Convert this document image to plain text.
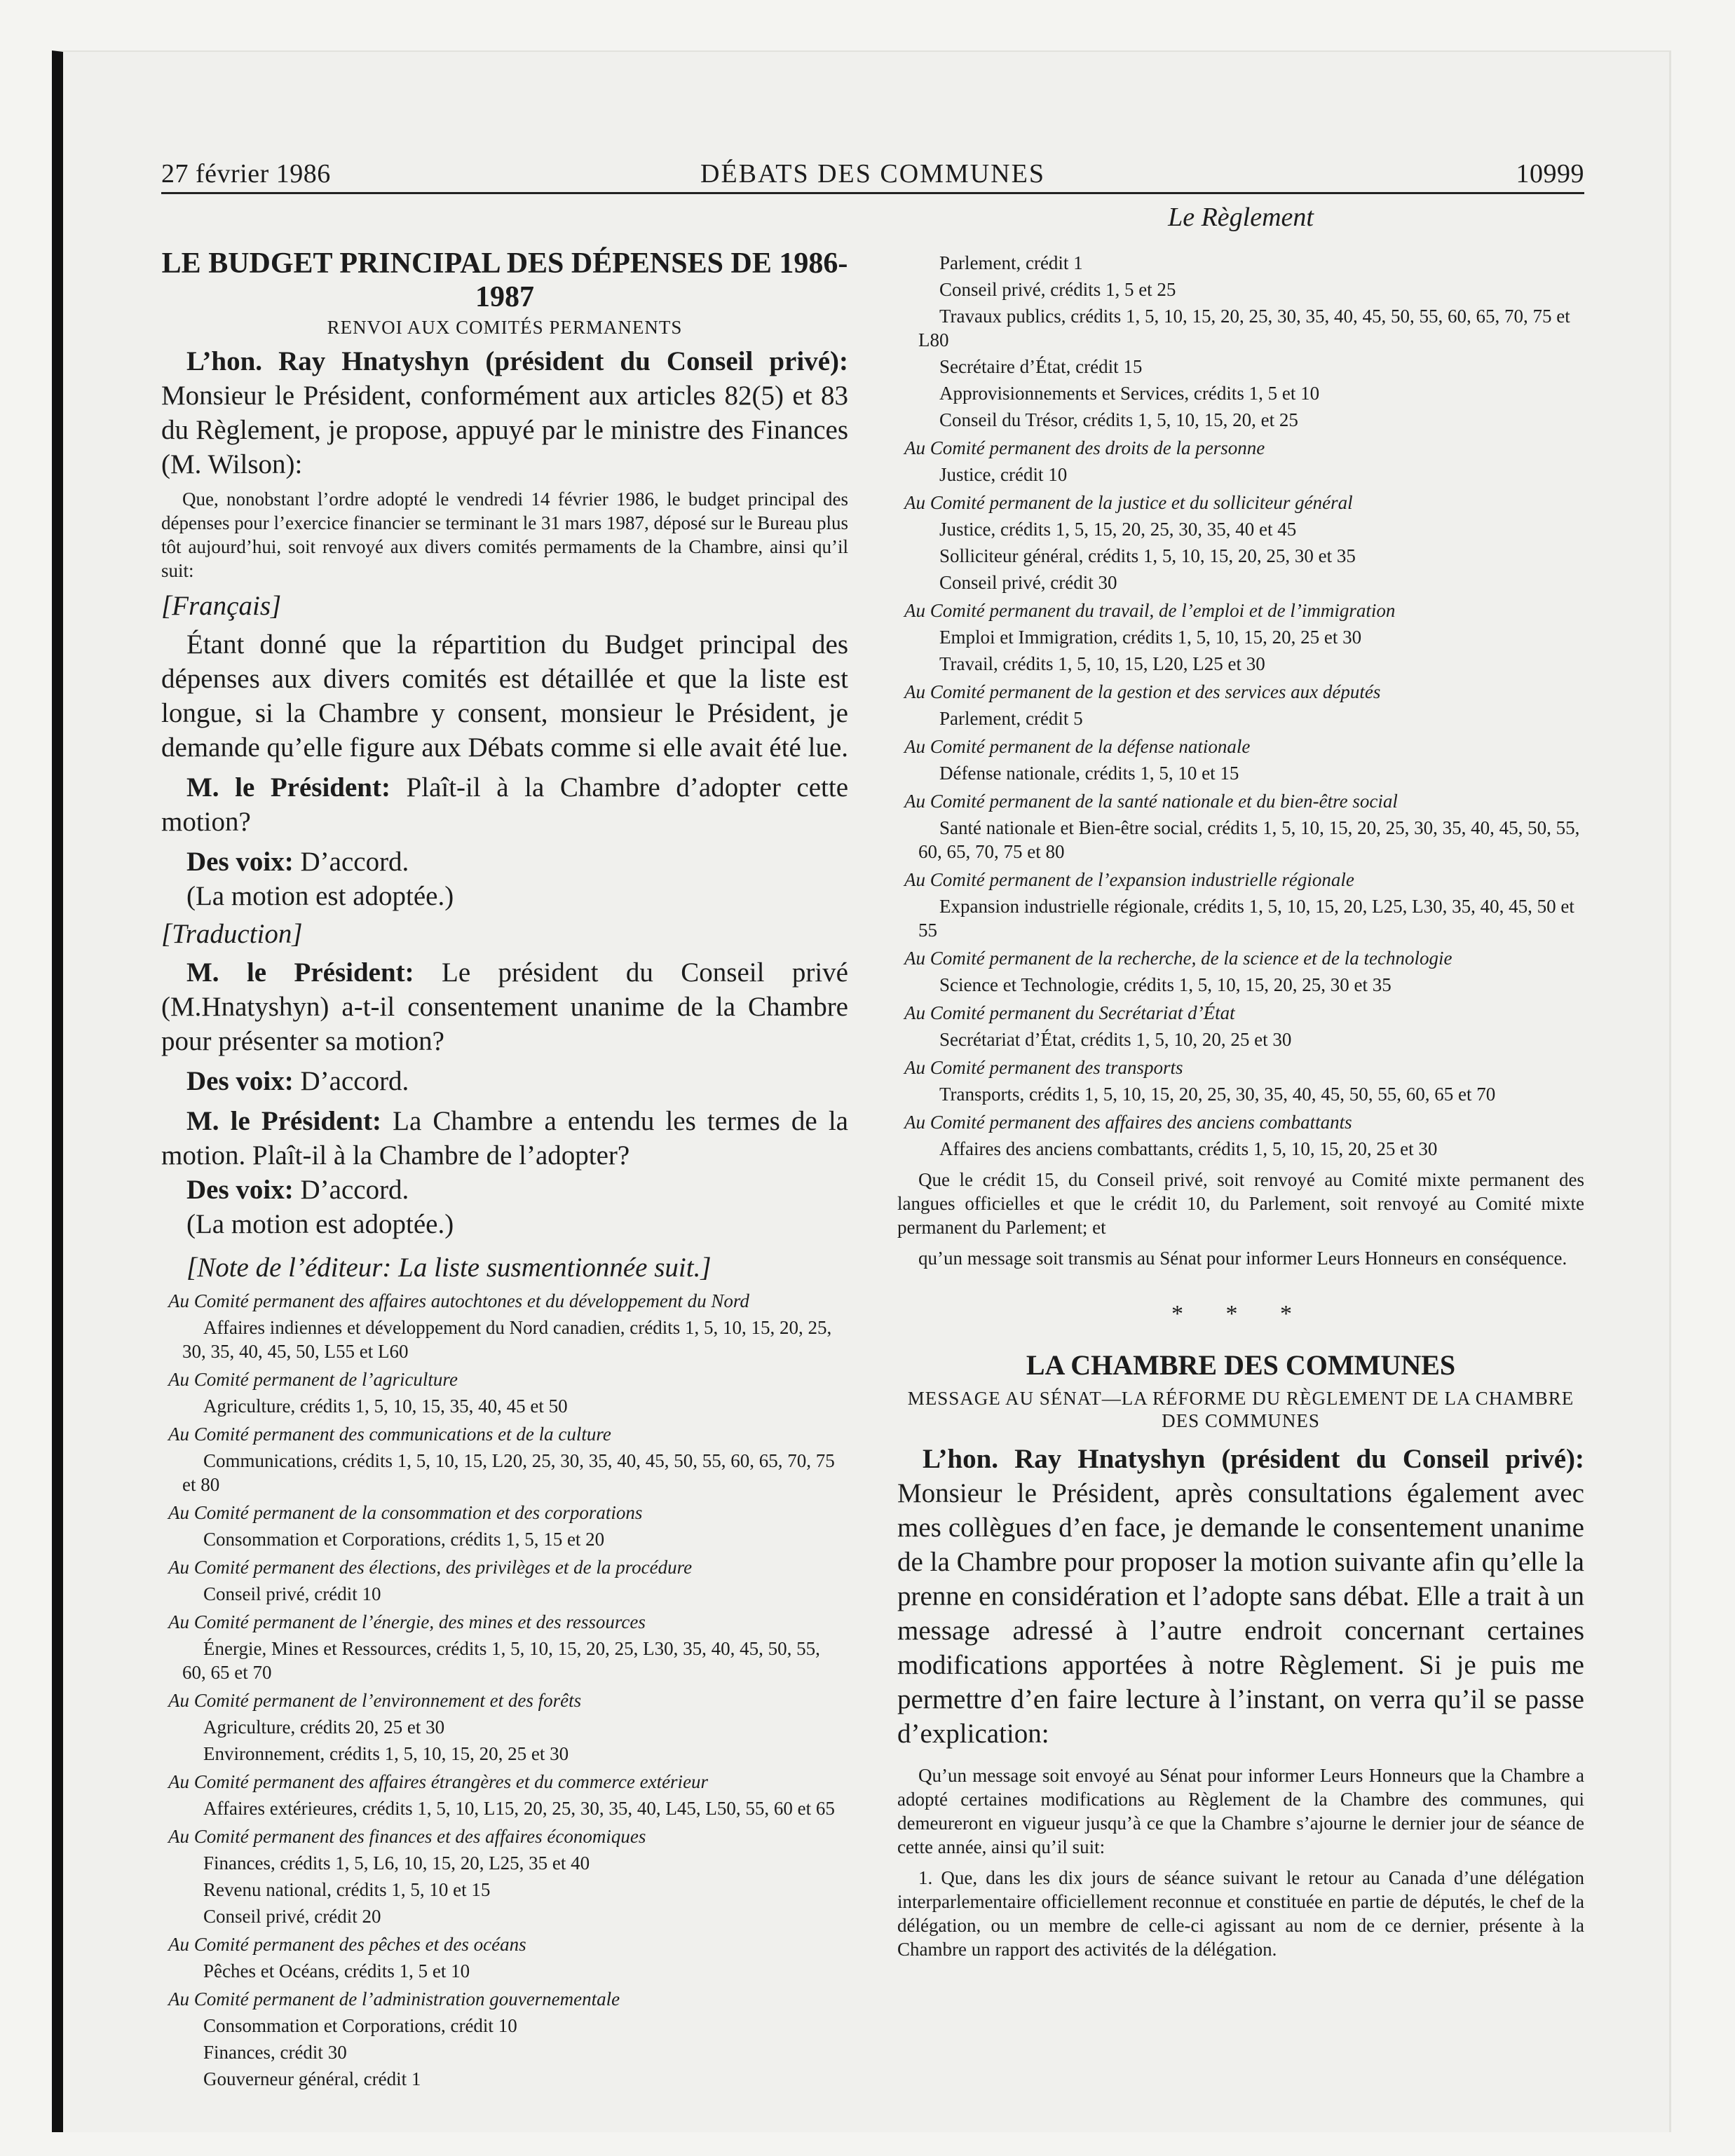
27 février 1986	DÉBATS DES COMMUNES	10999

LE BUDGET PRINCIPAL DES DÉPENSES DE 1986-1987

RENVOI AUX COMITÉS PERMANENTS

L’hon. Ray Hnatyshyn (président du Conseil privé): Monsieur le Président, conformément aux articles 82(5) et 83 du Règlement, je propose, appuyé par le ministre des Finances (M. Wilson):

Que, nonobstant l’ordre adopté le vendredi 14 février 1986, le budget principal des dépenses pour l’exercice financier se terminant le 31 mars 1987, déposé sur le Bureau plus tôt aujourd’hui, soit renvoyé aux divers comités permaments de la Chambre, ainsi qu’il suit:

[Français]

Étant donné que la répartition du Budget principal des dépenses aux divers comités est détaillée et que la liste est longue, si la Chambre y consent, monsieur le Président, je demande qu’elle figure aux Débats comme si elle avait été lue.

M. le Président: Plaît-il à la Chambre d’adopter cette motion?

Des voix: D’accord.

(La motion est adoptée.)

[Traduction]

M. le Président: Le président du Conseil privé (M.Hnatyshyn) a-t-il consentement unanime de la Chambre pour présenter sa motion?

Des voix: D’accord.

M. le Président: La Chambre a entendu les termes de la motion. Plaît-il à la Chambre de l’adopter?

Des voix: D’accord.

(La motion est adoptée.)

[Note de l’éditeur: La liste susmentionnée suit.]

Au Comité permanent des affaires autochtones et du développement du Nord

Affaires indiennes et développement du Nord canadien, crédits 1, 5, 10, 15, 20, 25, 30, 35, 40, 45, 50, L55 et L60

Au Comité permanent de l’agriculture

Agriculture, crédits 1, 5, 10, 15, 35, 40, 45 et 50

Au Comité permanent des communications et de la culture

Communications, crédits 1, 5, 10, 15, L20, 25, 30, 35, 40, 45, 50, 55, 60, 65, 70, 75 et 80

Au Comité permanent de la consommation et des corporations

Consommation et Corporations, crédits 1, 5, 15 et 20

Au Comité permanent des élections, des privilèges et de la procédure

Conseil privé, crédit 10

Au Comité permanent de l’énergie, des mines et des ressources

Énergie, Mines et Ressources, crédits 1, 5, 10, 15, 20, 25, L30, 35, 40, 45, 50, 55, 60, 65 et 70

Au Comité permanent de l’environnement et des forêts

Agriculture, crédits 20, 25 et 30

Environnement, crédits 1, 5, 10, 15, 20, 25 et 30

Au Comité permanent des affaires étrangères et du commerce extérieur

Affaires extérieures, crédits 1, 5, 10, L15, 20, 25, 30, 35, 40, L45, L50, 55, 60 et 65

Au Comité permanent des finances et des affaires économiques

Finances, crédits 1, 5, L6, 10, 15, 20, L25, 35 et 40

Revenu national, crédits 1, 5, 10 et 15

Conseil privé, crédit 20

Au Comité permanent des pêches et des océans

Pêches et Océans, crédits 1, 5 et 10

Au Comité permanent de l’administration gouvernementale

Consommation et Corporations, crédit 10

Finances, crédit 30

Gouverneur général, crédit 1

Le Règlement

Parlement, crédit 1

Conseil privé, crédits 1, 5 et 25

Travaux publics, crédits 1, 5, 10, 15, 20, 25, 30, 35, 40, 45, 50, 55, 60, 65, 70, 75 et L80

Secrétaire d’État, crédit 15

Approvisionnements et Services, crédits 1, 5 et 10

Conseil du Trésor, crédits 1, 5, 10, 15, 20, et 25

Au Comité permanent des droits de la personne

Justice, crédit 10

Au Comité permanent de la justice et du solliciteur général

Justice, crédits 1, 5, 15, 20, 25, 30, 35, 40 et 45

Solliciteur général, crédits 1, 5, 10, 15, 20, 25, 30 et 35

Conseil privé, crédit 30

Au Comité permanent du travail, de l’emploi et de l’immigration

Emploi et Immigration, crédits 1, 5, 10, 15, 20, 25 et 30

Travail, crédits 1, 5, 10, 15, L20, L25 et 30

Au Comité permanent de la gestion et des services aux députés

Parlement, crédit 5

Au Comité permanent de la défense nationale

Défense nationale, crédits 1, 5, 10 et 15

Au Comité permanent de la santé nationale et du bien-être social

Santé nationale et Bien-être social, crédits 1, 5, 10, 15, 20, 25, 30, 35, 40, 45, 50, 55, 60, 65, 70, 75 et 80

Au Comité permanent de l’expansion industrielle régionale

Expansion industrielle régionale, crédits 1, 5, 10, 15, 20, L25, L30, 35, 40, 45, 50 et 55

Au Comité permanent de la recherche, de la science et de la technologie

Science et Technologie, crédits 1, 5, 10, 15, 20, 25, 30 et 35

Au Comité permanent du Secrétariat d’État

Secrétariat d’État, crédits 1, 5, 10, 20, 25 et 30

Au Comité permanent des transports

Transports, crédits 1, 5, 10, 15, 20, 25, 30, 35, 40, 45, 50, 55, 60, 65 et 70

Au Comité permanent des affaires des anciens combattants

Affaires des anciens combattants, crédits 1, 5, 10, 15, 20, 25 et 30

Que le crédit 15, du Conseil privé, soit renvoyé au Comité mixte permanent des langues officielles et que le crédit 10, du Parlement, soit renvoyé au Comité mixte permanent du Parlement; et

qu’un message soit transmis au Sénat pour informer Leurs Honneurs en conséquence.

* * *

LA CHAMBRE DES COMMUNES

MESSAGE AU SÉNAT—LA RÉFORME DU RÈGLEMENT DE LA CHAMBRE DES COMMUNES

L’hon. Ray Hnatyshyn (président du Conseil privé): Monsieur le Président, après consultations également avec mes collègues d’en face, je demande le consentement unanime de la Chambre pour proposer la motion suivante afin qu’elle la prenne en considération et l’adopte sans débat. Elle a trait à un message adressé à l’autre endroit concernant certaines modifications apportées à notre Règlement. Si je puis me permettre d’en faire lecture à l’instant, on verra qu’il se passe d’explication:

Qu’un message soit envoyé au Sénat pour informer Leurs Honneurs que la Chambre a adopté certaines modifications au Règlement de la Chambre des communes, qui demeureront en vigueur jusqu’à ce que la Chambre s’ajourne le dernier jour de séance de cette année, ainsi qu’il suit:

1. Que, dans les dix jours de séance suivant le retour au Canada d’une délégation interparlementaire officiellement reconnue et constituée en partie de députés, le chef de la délégation, ou un membre de celle-ci agissant au nom de ce dernier, présente à la Chambre un rapport des activités de la délégation.
